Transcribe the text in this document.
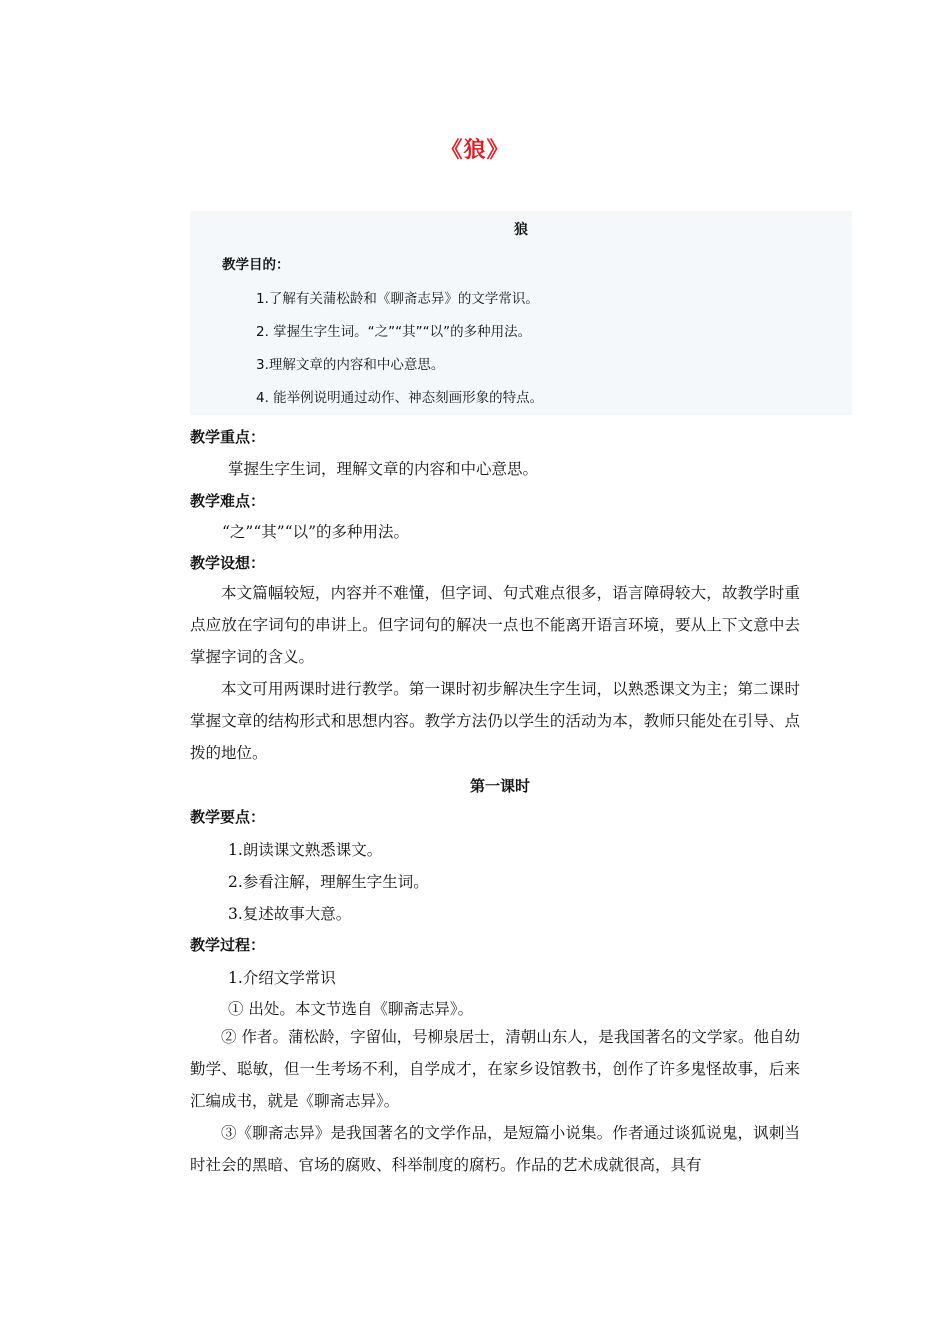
《狼》
狼
教学目的：
1.了解有关蒲松龄和《聊斋志异》的文学常识。
2. 掌握生字生词。“之”“其”“以”的多种用法。
3.理解文章的内容和中心意思。
4. 能举例说明通过动作、神态刻画形象的特点。
教学重点：
掌握生字生词，理解文章的内容和中心意思。
教学难点：
“之”“其”“以”的多种用法。
教学设想：
本文篇幅较短，内容并不难懂，但字词、句式难点很多，语言障碍较大，故教学时重点应放在字词句的串讲上。但字词句的解决一点也不能离开语言环境，要从上下文意中去掌握字词的含义。
本文可用两课时进行教学。第一课时初步解决生字生词，以熟悉课文为主；第二课时掌握文章的结构形式和思想内容。教学方法仍以学生的活动为本，教师只能处在引导、点拨的地位。
第一课时
教学要点：
1.朗读课文熟悉课文。
2.参看注解，理解生字生词。
3.复述故事大意。
教学过程：
1.介绍文学常识
① 出处。本文节选自《聊斋志异》。
② 作者。蒲松龄，字留仙，号柳泉居士，清朝山东人，是我国著名的文学家。他自幼勤学、聪敏，但一生考场不利，自学成才，在家乡设馆教书，创作了许多鬼怪故事，后来汇编成书，就是《聊斋志异》。
③《聊斋志异》是我国著名的文学作品，是短篇小说集。作者通过谈狐说鬼，讽刺当时社会的黑暗、官场的腐败、科举制度的腐朽。作品的艺术成就很高，具有
